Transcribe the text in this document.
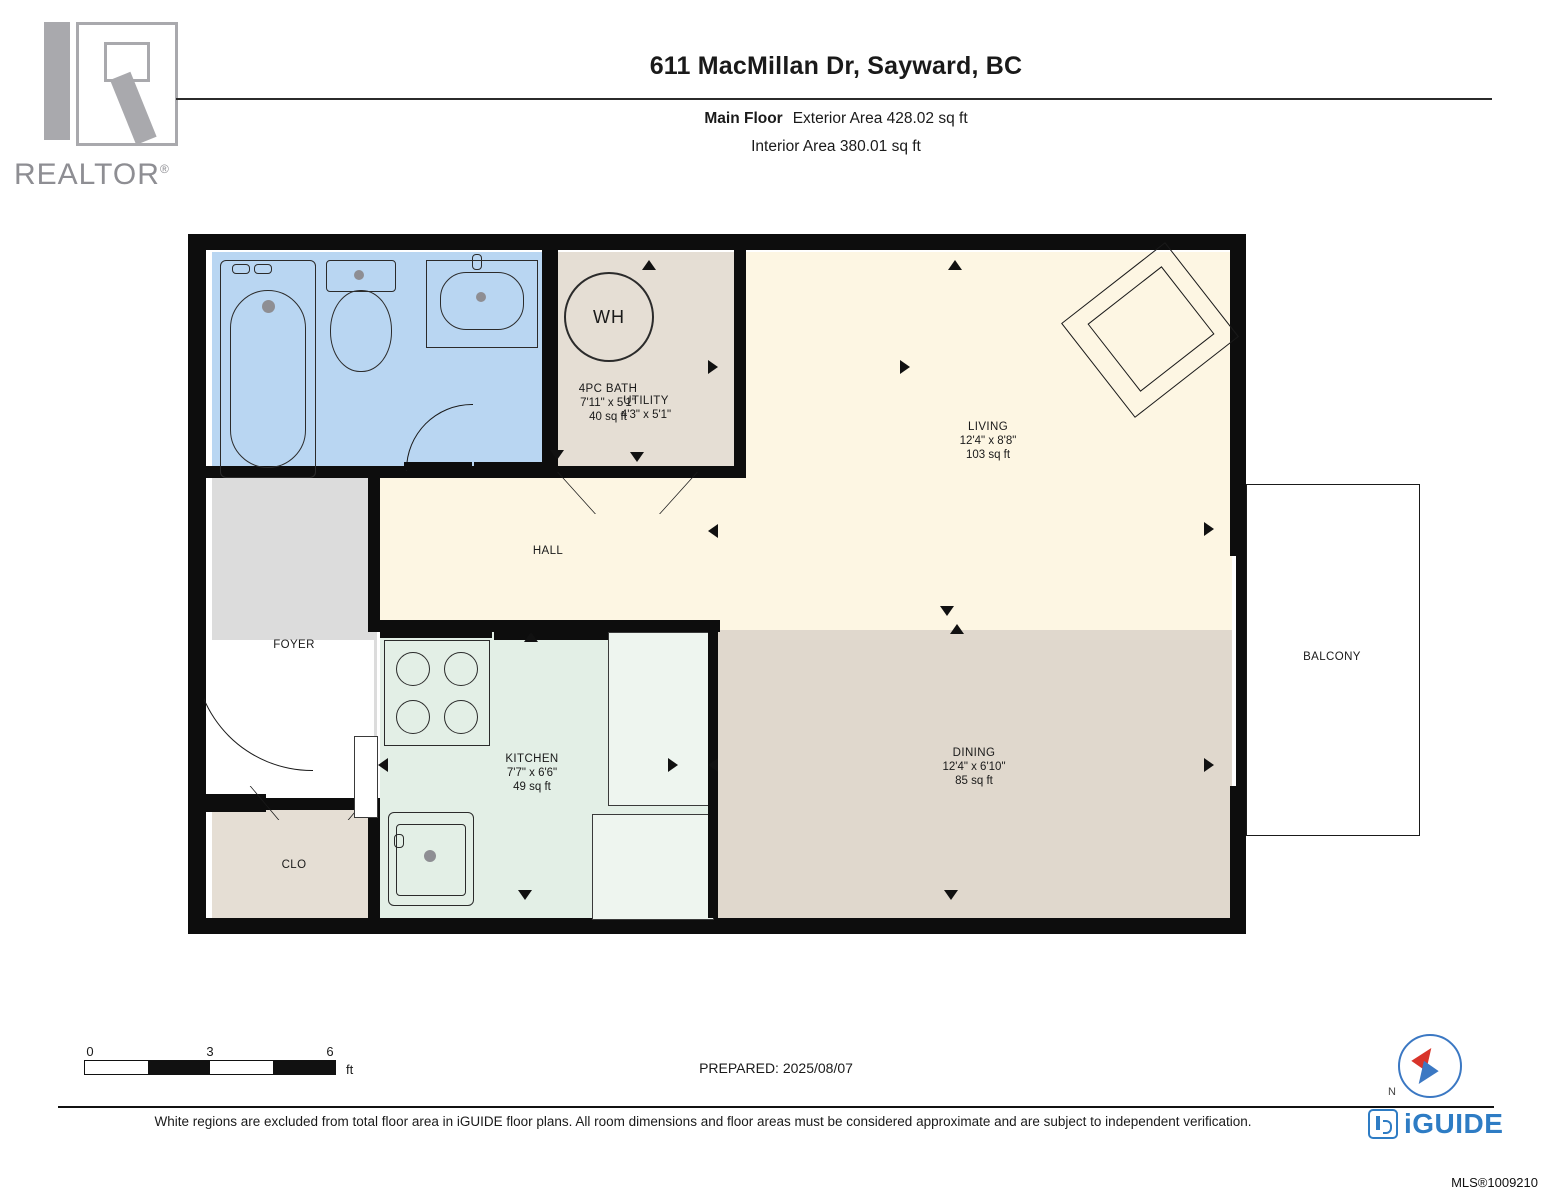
REALTOR®
611 MacMillan Dr, Sayward, BC
Main Floor Exterior Area 428.02 sq ft
Interior Area 380.01 sq ft
BALCONY
WH
4PC BATH
7'11" x 5'1"
40 sq ft
UTILITY
4'3" x 5'1"
LIVING
12'4" x 8'8"
103 sq ft
HALL
FOYER
CLO
KITCHEN
7'7" x 6'6"
49 sq ft
DINING
12'4" x 6'10"
85 sq ft
0	3	6
ft	PREPARED: 2025/08/07
N
White regions are excluded from total floor area in iGUIDE floor plans. All room dimensions and floor areas must be considered approximate and are subject to independent verification.	iGUIDE
MLS®1009210
